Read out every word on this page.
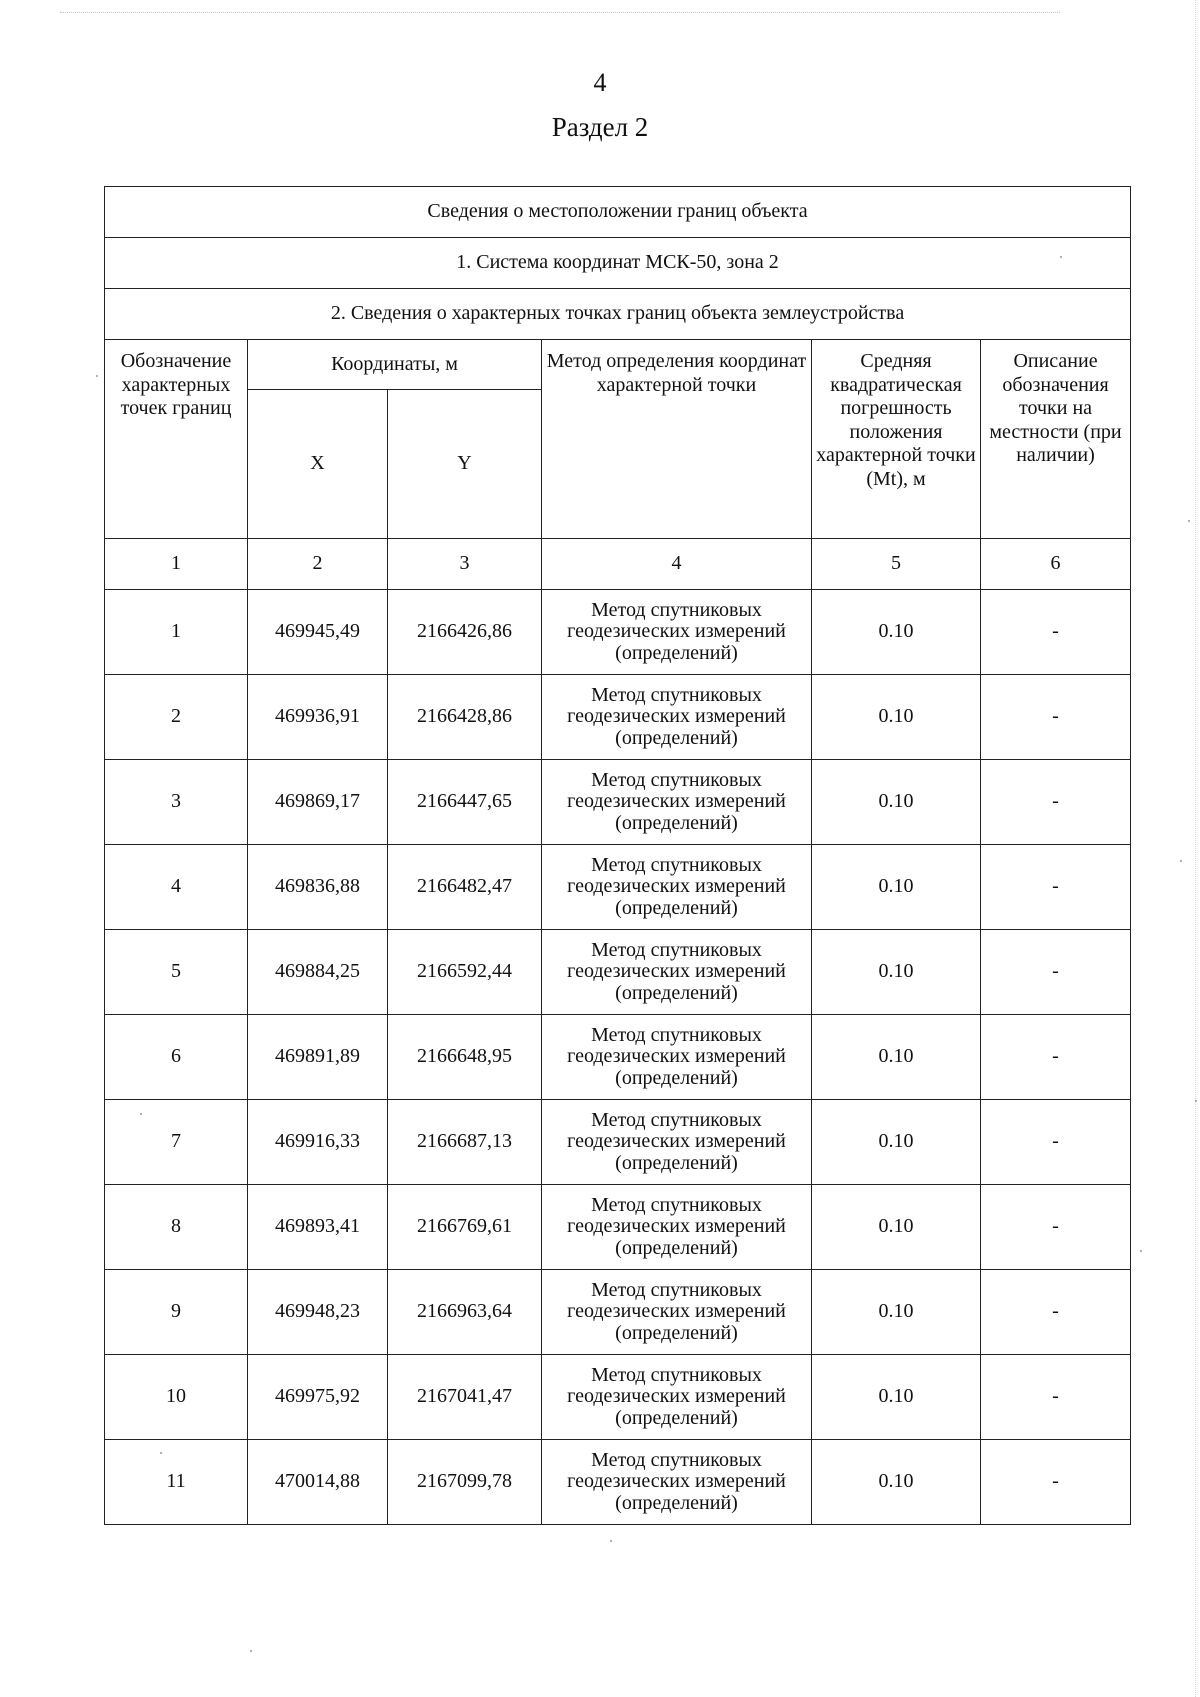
4
Раздел 2
Сведения о местоположении границ объекта					
1. Система координат МСК-50, зона 2					
2. Сведения о характерных точках границ объекта землеустройства					
Обозначение характерных точек границ	Координаты, м		Метод определения координат характерной точки	Средняя квадратическая погрешность положения характерной точки (Mt), м	Описание обозначения точки на местности (при наличии)
	X	Y			
1	2	3	4	5	6
1	469945,49	2166426,86	Метод спутниковых геодезических измерений (определений)	0.10	-
2	469936,91	2166428,86	Метод спутниковых геодезических измерений (определений)	0.10	-
3	469869,17	2166447,65	Метод спутниковых геодезических измерений (определений)	0.10	-
4	469836,88	2166482,47	Метод спутниковых геодезических измерений (определений)	0.10	-
5	469884,25	2166592,44	Метод спутниковых геодезических измерений (определений)	0.10	-
6	469891,89	2166648,95	Метод спутниковых геодезических измерений (определений)	0.10	-
7	469916,33	2166687,13	Метод спутниковых геодезических измерений (определений)	0.10	-
8	469893,41	2166769,61	Метод спутниковых геодезических измерений (определений)	0.10	-
9	469948,23	2166963,64	Метод спутниковых геодезических измерений (определений)	0.10	-
10	469975,92	2167041,47	Метод спутниковых геодезических измерений (определений)	0.10	-
11	470014,88	2167099,78	Метод спутниковых геодезических измерений (определений)	0.10	-
